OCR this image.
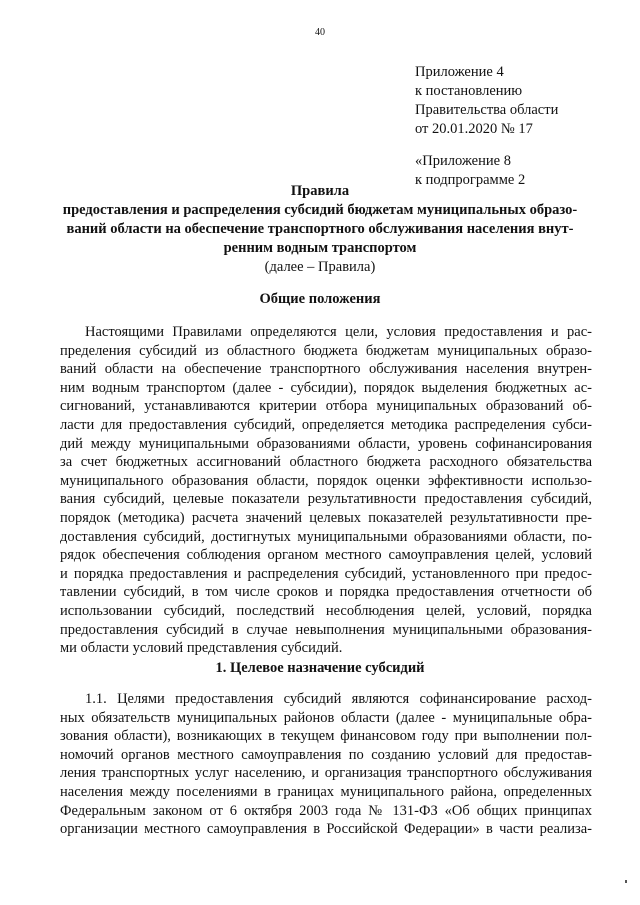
40
Приложение 4
к постановлению
Правительства области
от 20.01.2020 № 17
«Приложение 8
к подпрограмме 2
Правила
предоставления и распределения субсидий бюджетам муниципальных образо-
ваний области на обеспечение транспортного обслуживания населения внут-
ренним водным транспортом
(далее – Правила)
Общие положения
Настоящими Правилами определяются цели, условия предоставления и рас-
пределения субсидий из областного бюджета бюджетам муниципальных образо-
ваний области на обеспечение транспортного обслуживания населения внутрен-
ним водным транспортом (далее - субсидии), порядок выделения бюджетных ас-
сигнований, устанавливаются критерии отбора муниципальных образований об-
ласти для предоставления субсидий, определяется методика распределения субси-
дий между муниципальными образованиями области, уровень софинансирования
за счет бюджетных ассигнований областного бюджета расходного обязательства
муниципального образования области, порядок оценки эффективности использо-
вания субсидий, целевые показатели результативности предоставления субсидий,
порядок (методика) расчета значений целевых показателей результативности пре-
доставления субсидий, достигнутых муниципальными образованиями области, по-
рядок обеспечения соблюдения органом местного самоуправления целей, условий
и порядка предоставления и распределения субсидий, установленного при предос-
тавлении субсидий, в том числе сроков и порядка предоставления отчетности об
использовании субсидий, последствий несоблюдения целей, условий, порядка
предоставления субсидий в случае невыполнения муниципальными образования-
ми области условий представления субсидий.
1. Целевое назначение субсидий
1.1. Целями предоставления субсидий являются софинансирование расход-
ных обязательств муниципальных районов области (далее - муниципальные обра-
зования области), возникающих в текущем финансовом году при выполнении пол-
номочий органов местного самоуправления по созданию условий для предостав-
ления транспортных услуг населению, и организация транспортного обслуживания
населения между поселениями в границах муниципального района, определенных
Федеральным законом от 6 октября 2003 года № 131-ФЗ «Об общих принципах
организации местного самоуправления в Российской Федерации» в части реализа-
